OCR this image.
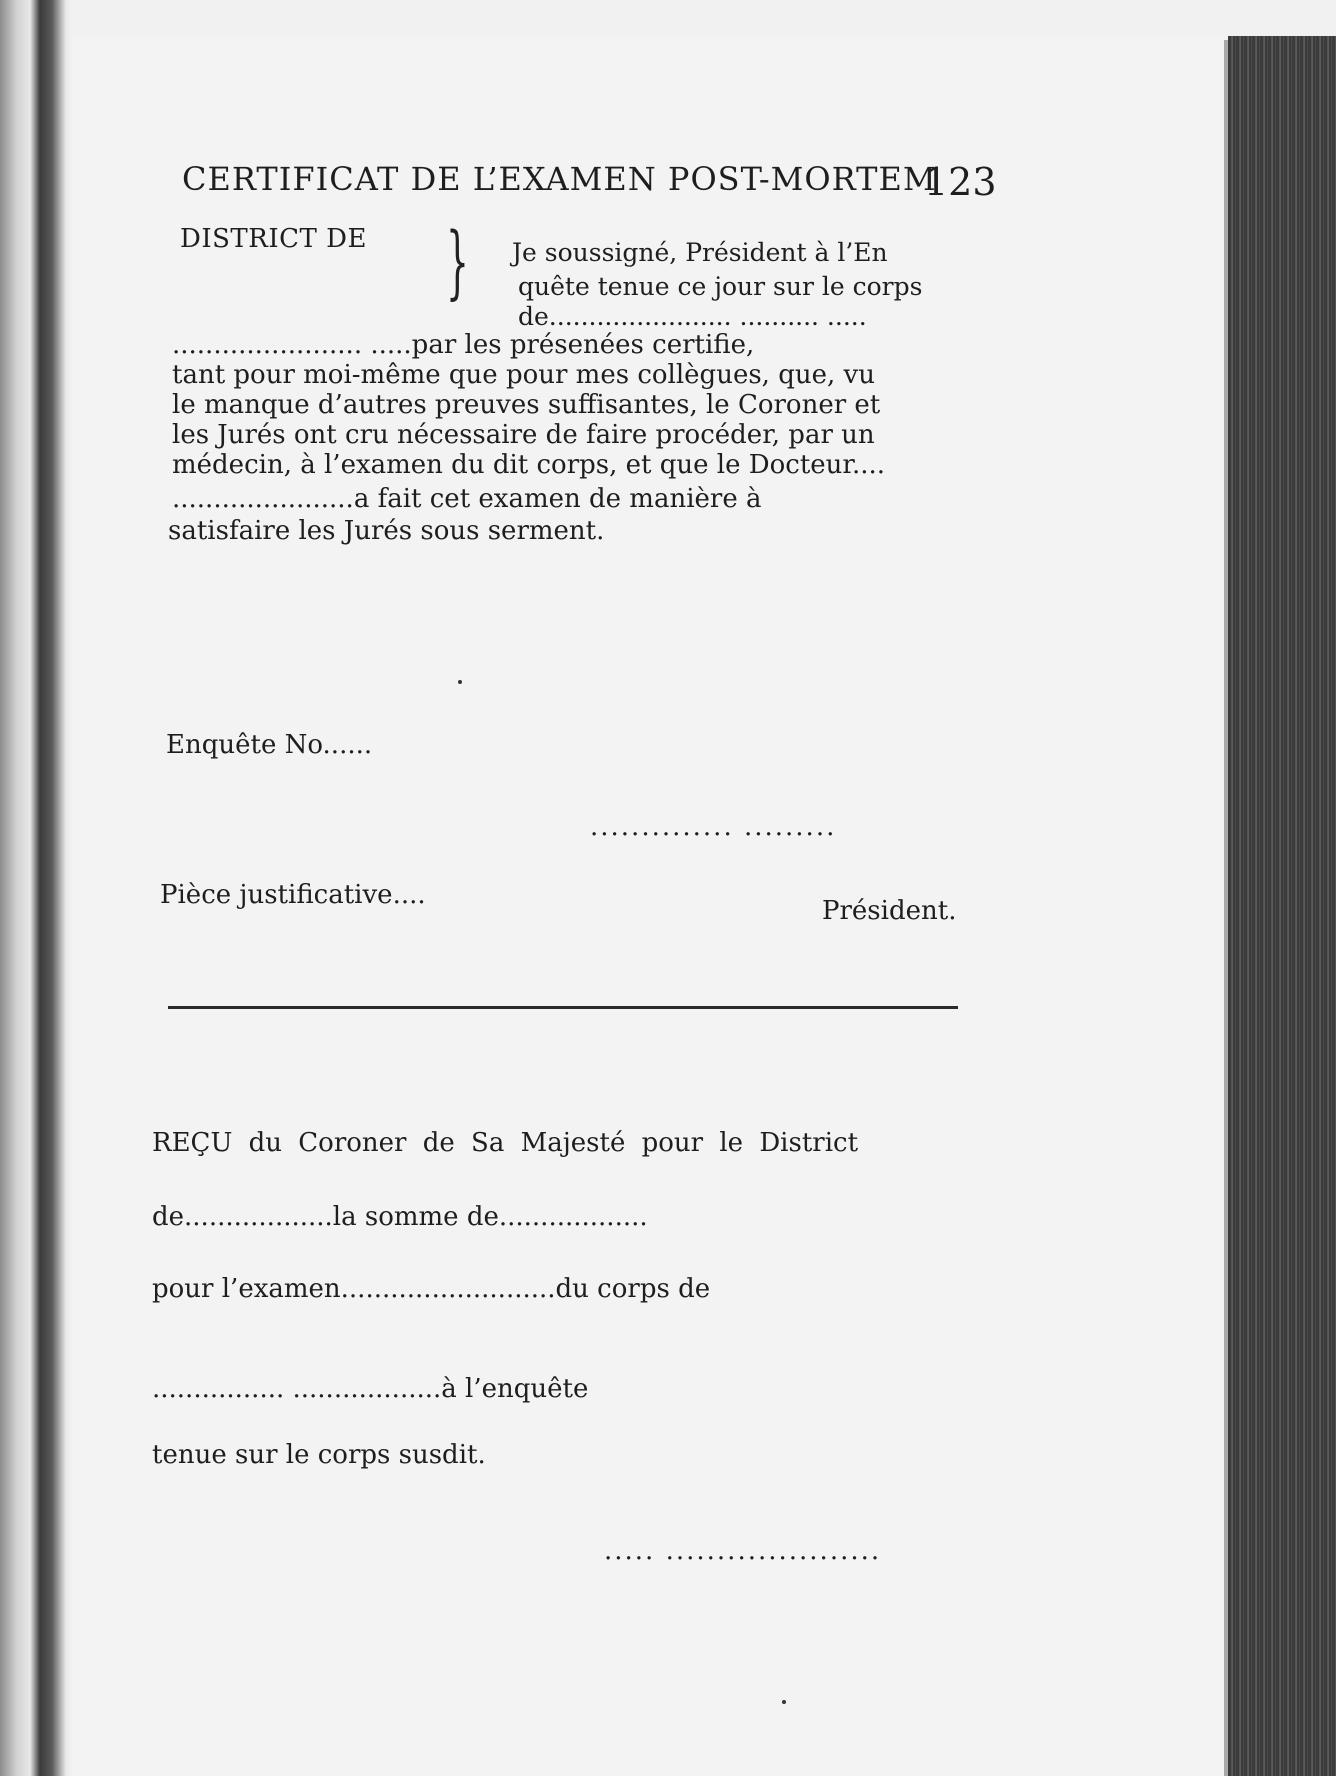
CERTIFICAT DE L’EXAMEN POST-MORTEM
123
DISTRICT DE } Je soussigné, Président à l’En
quête tenue ce jour sur le corps
de....................... .......... .....
....................... .....par les présenées certifie,
tant pour moi-même que pour mes collègues, que, vu
le manque d’autres preuves suffisantes, le Coroner et
les Jurés ont cru nécessaire de faire procéder, par un
médecin, à l’examen du dit corps, et que le Docteur....
......................a fait cet examen de manière à
satisfaire les Jurés sous serment.
Enquête No......
.............. .........
Pièce justificative....
Président.
REÇU du Coroner de Sa Majesté pour le District
de..................la somme de..................
pour l’examen..........................du corps de
................ ..................à l’enquête
tenue sur le corps susdit.
..... .....................
